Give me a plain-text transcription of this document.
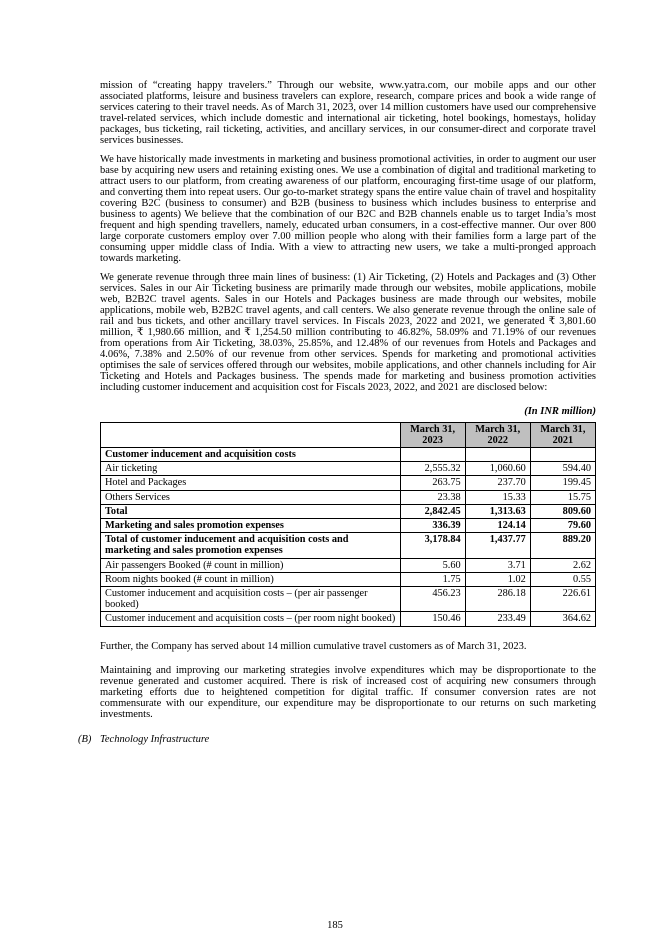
mission of “creating happy travelers.” Through our website, www.yatra.com, our mobile apps and our other associated platforms, leisure and business travelers can explore, research, compare prices and book a wide range of services catering to their travel needs. As of March 31, 2023, over 14 million customers have used our comprehensive travel-related services, which include domestic and international air ticketing, hotel bookings, homestays, holiday packages, bus ticketing, rail ticketing, activities, and ancillary services, in our consumer-direct and corporate travel services businesses.

We have historically made investments in marketing and business promotional activities, in order to augment our user base by acquiring new users and retaining existing ones. We use a combination of digital and traditional marketing to attract users to our platform, from creating awareness of our platform, encouraging first-time usage of our platform, and converting them into repeat users. Our go-to-market strategy spans the entire value chain of travel and hospitality covering B2C (business to consumer) and B2B (business to business which includes business to enterprise and business to agents) We believe that the combination of our B2C and B2B channels enable us to target India’s most frequent and high spending travellers, namely, educated urban consumers, in a cost-effective manner. Our over 800 large corporate customers employ over 7.00 million people who along with their families form a large part of the consuming upper middle class of India. With a view to attracting new users, we take a multi-pronged approach towards marketing.

We generate revenue through three main lines of business: (1) Air Ticketing, (2) Hotels and Packages and (3) Other services. Sales in our Air Ticketing business are primarily made through our websites, mobile applications, mobile web, B2B2C travel agents. Sales in our Hotels and Packages business are made through our websites, mobile applications, mobile web, B2B2C travel agents, and call centers. We also generate revenue through the online sale of rail and bus tickets, and other ancillary travel services. In Fiscals 2023, 2022 and 2021, we generated ₹ 3,801.60 million, ₹ 1,980.66 million, and ₹ 1,254.50 million contributing to 46.82%, 58.09% and 71.19% of our revenues from operations from Air Ticketing, 38.03%, 25.85%, and 12.48% of our revenues from Hotels and Packages and 4.06%, 7.38% and 2.50% of our revenue from other services. Spends for marketing and promotional activities optimises the sale of services offered through our websites, mobile applications, and other channels including for Air Ticketing and Hotels and Packages business. The spends made for marketing and business promotion activities including customer inducement and acquisition cost for Fiscals 2023, 2022, and 2021 are disclosed below:

(In INR million)
	March 31, 2023	March 31, 2022	March 31, 2021
Customer inducement and acquisition costs			
Air ticketing	2,555.32	1,060.60	594.40
Hotel and Packages	263.75	237.70	199.45
Others Services	23.38	15.33	15.75
Total	2,842.45	1,313.63	809.60
Marketing and sales promotion expenses	336.39	124.14	79.60
Total of customer inducement and acquisition costs and marketing and sales promotion expenses	3,178.84	1,437.77	889.20
Air passengers Booked (# count in million)	5.60	3.71	2.62
Room nights booked (# count in million)	1.75	1.02	0.55
Customer inducement and acquisition costs – (per air passenger booked)	456.23	286.18	226.61
Customer inducement and acquisition costs – (per room night booked)	150.46	233.49	364.62

Further, the Company has served about 14 million cumulative travel customers as of March 31, 2023.

Maintaining and improving our marketing strategies involve expenditures which may be disproportionate to the revenue generated and customer acquired. There is risk of increased cost of acquiring new consumers through marketing efforts due to heightened competition for digital traffic. If consumer conversion rates are not commensurate with our expenditure, our expenditure may be disproportionate to our returns on such marketing investments.

(B) Technology Infrastructure
185
